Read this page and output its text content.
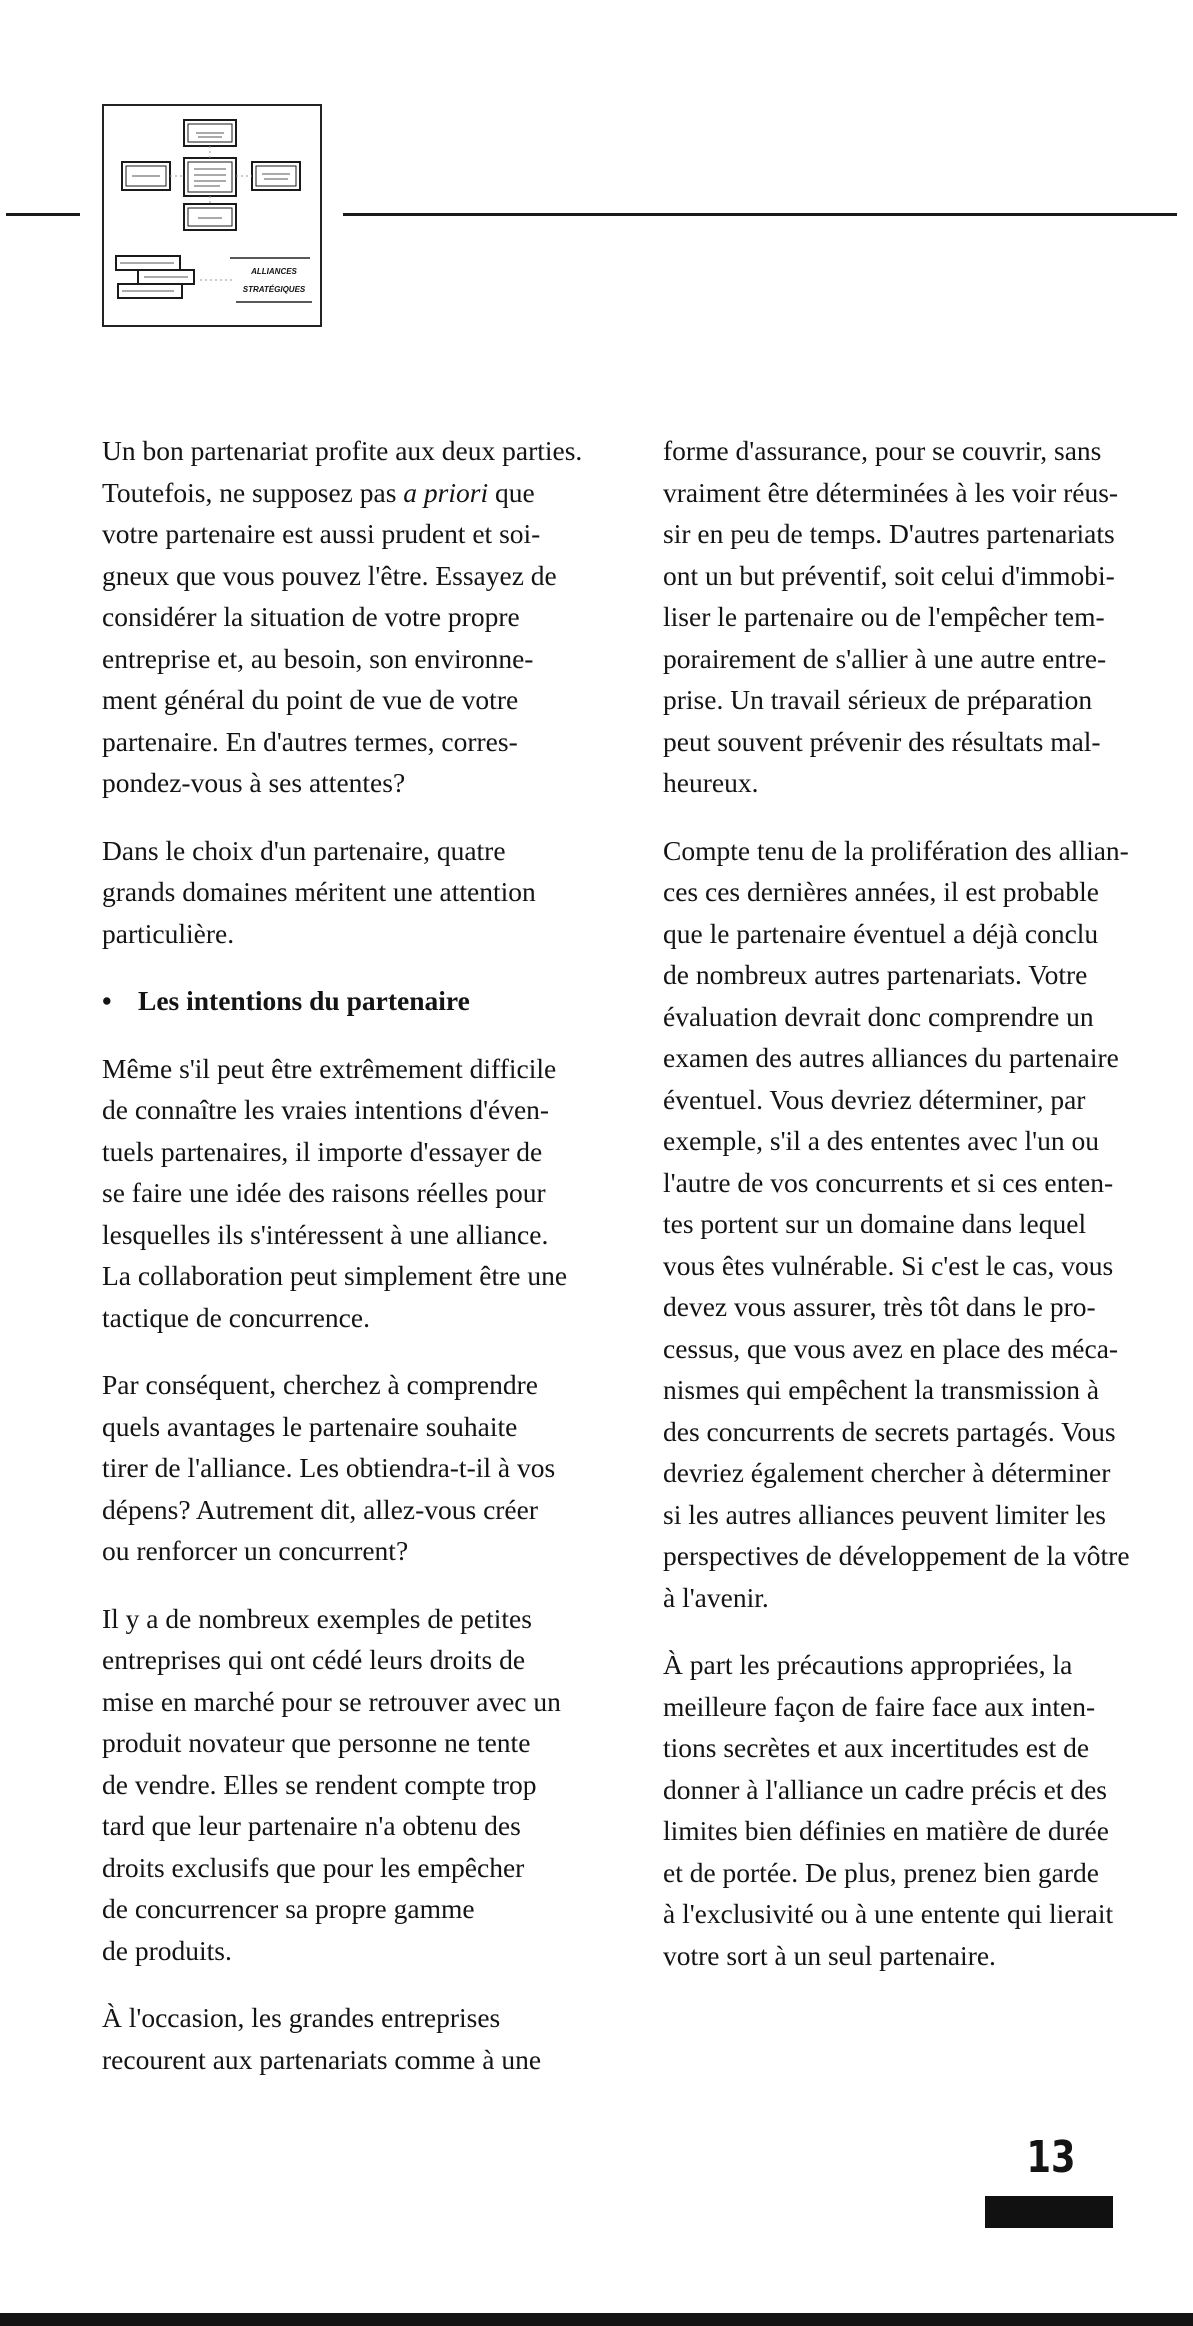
ALLIANCES
STRATÉGIQUES

Un bon partenariat profite aux deux parties.
Toutefois, ne supposez pas a priori que
votre partenaire est aussi prudent et soi-
gneux que vous pouvez l'être. Essayez de
considérer la situation de votre propre
entreprise et, au besoin, son environne-
ment général du point de vue de votre
partenaire. En d'autres termes, corres-
pondez-vous à ses attentes?

Dans le choix d'un partenaire, quatre
grands domaines méritent une attention
particulière.

• Les intentions du partenaire

Même s'il peut être extrêmement difficile
de connaître les vraies intentions d'éven-
tuels partenaires, il importe d'essayer de
se faire une idée des raisons réelles pour
lesquelles ils s'intéressent à une alliance.
La collaboration peut simplement être une
tactique de concurrence.

Par conséquent, cherchez à comprendre
quels avantages le partenaire souhaite
tirer de l'alliance. Les obtiendra-t-il à vos
dépens? Autrement dit, allez-vous créer
ou renforcer un concurrent?

Il y a de nombreux exemples de petites
entreprises qui ont cédé leurs droits de
mise en marché pour se retrouver avec un
produit novateur que personne ne tente
de vendre. Elles se rendent compte trop
tard que leur partenaire n'a obtenu des
droits exclusifs que pour les empêcher
de concurrencer sa propre gamme
de produits.

À l'occasion, les grandes entreprises
recourent aux partenariats comme à une

forme d'assurance, pour se couvrir, sans
vraiment être déterminées à les voir réus-
sir en peu de temps. D'autres partenariats
ont un but préventif, soit celui d'immobi-
liser le partenaire ou de l'empêcher tem-
porairement de s'allier à une autre entre-
prise. Un travail sérieux de préparation
peut souvent prévenir des résultats mal-
heureux.

Compte tenu de la prolifération des allian-
ces ces dernières années, il est probable
que le partenaire éventuel a déjà conclu
de nombreux autres partenariats. Votre
évaluation devrait donc comprendre un
examen des autres alliances du partenaire
éventuel. Vous devriez déterminer, par
exemple, s'il a des ententes avec l'un ou
l'autre de vos concurrents et si ces enten-
tes portent sur un domaine dans lequel
vous êtes vulnérable. Si c'est le cas, vous
devez vous assurer, très tôt dans le pro-
cessus, que vous avez en place des méca-
nismes qui empêchent la transmission à
des concurrents de secrets partagés. Vous
devriez également chercher à déterminer
si les autres alliances peuvent limiter les
perspectives de développement de la vôtre
à l'avenir.

À part les précautions appropriées, la
meilleure façon de faire face aux inten-
tions secrètes et aux incertitudes est de
donner à l'alliance un cadre précis et des
limites bien définies en matière de durée
et de portée. De plus, prenez bien garde
à l'exclusivité ou à une entente qui lierait
votre sort à un seul partenaire.

13
